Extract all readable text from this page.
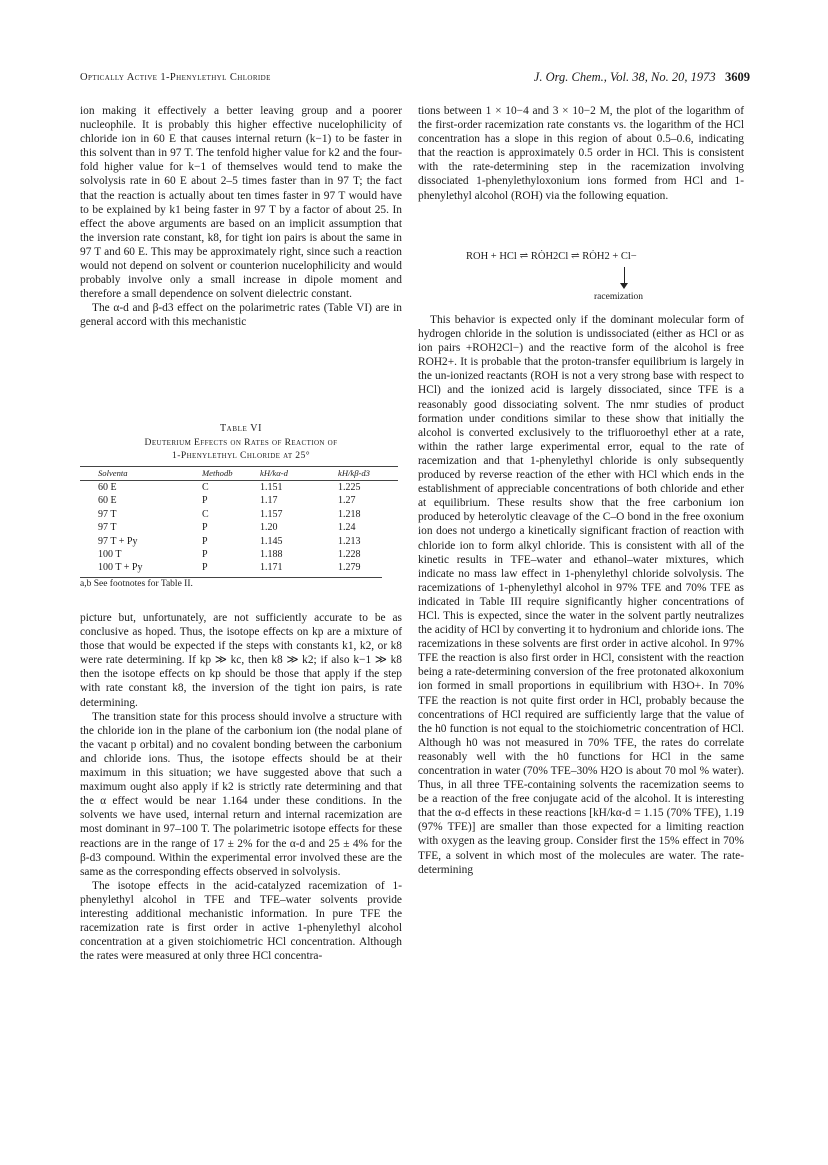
Optically Active 1-Phenylethyl Chloride	J. Org. Chem., Vol. 38, No. 20, 1973 3609

ion making it effectively a better leaving group and a poorer nucleophile. It is probably this higher effective nucelophilicity of chloride ion in 60 E that causes internal return (k−1) to be faster in this solvent than in 97 T. The tenfold higher value for k2 and the four-fold higher value for k−1 of themselves would tend to make the solvolysis rate in 60 E about 2–5 times faster than in 97 T; the fact that the reaction is actually about ten times faster in 97 T would have to be explained by k1 being faster in 97 T by a factor of about 25. In effect the above arguments are based on an implicit assumption that the inversion rate constant, k8, for tight ion pairs is about the same in 97 T and 60 E. This may be approximately right, since such a reaction would not depend on solvent or counterion nucelophilicity and would probably involve only a small increase in dipole moment and therefore a small dependence on solvent dielectric constant.

The α-d and β-d3 effect on the polarimetric rates (Table VI) are in general accord with this mechanistic

Table VI
Deuterium Effects on Rates of Reaction of
1-Phenylethyl Chloride at 25°
Solventa	Methodb	kH/kα-d	kH/kβ-d3
60 E	C	1.151	1.225
60 E	P	1.17	1.27
97 T	C	1.157	1.218
97 T	P	1.20	1.24
97 T + Py	P	1.145	1.213
100 T	P	1.188	1.228
100 T + Py	P	1.171	1.279
a,b See footnotes for Table II.

picture but, unfortunately, are not sufficiently accurate to be as conclusive as hoped. Thus, the isotope effects on kp are a mixture of those that would be expected if the steps with constants k1, k2, or k8 were rate determining. If kp ≫ kc, then k8 ≫ k2; if also k−1 ≫ k8 then the isotope effects on kp should be those that apply if the step with rate constant k8, the inversion of the tight ion pairs, is rate determining.

The transition state for this process should involve a structure with the chloride ion in the plane of the carbonium ion (the nodal plane of the vacant p orbital) and no covalent bonding between the carbonium and chloride ions. Thus, the isotope effects should be at their maximum in this situation; we have suggested above that such a maximum ought also apply if k2 is strictly rate determining and that the α effect would be near 1.164 under these conditions. In the solvents we have used, internal return and internal racemization are most dominant in 97–100 T. The polarimetric isotope effects for these reactions are in the range of 17 ± 2% for the α-d and 25 ± 4% for the β-d3 compound. Within the experimental error involved these are the same as the corresponding effects observed in solvolysis.

The isotope effects in the acid-catalyzed racemization of 1-phenylethyl alcohol in TFE and TFE–water solvents provide interesting additional mechanistic information. In pure TFE the racemization rate is first order in active 1-phenylethyl alcohol concentration at a given stoichiometric HCl concentration. Although the rates were measured at only three HCl concentra-

tions between 1 × 10−4 and 3 × 10−2 M, the plot of the logarithm of the first-order racemization rate constants vs. the logarithm of the HCl concentration has a slope in this region of about 0.5–0.6, indicating that the reaction is approximately 0.5 order in HCl. This is consistent with the rate-determining step in the racemization involving dissociated 1-phenylethyloxonium ions formed from HCl and 1-phenylethyl alcohol (ROH) via the following equation.

ROH + HCl ⇌ RȮH2Cl ⇌ RȮH2 + Cl−
racemization

This behavior is expected only if the dominant molecular form of hydrogen chloride in the solution is undissociated (either as HCl or as ion pairs +ROH2Cl−) and the reactive form of the alcohol is free ROH2+. It is probable that the proton-transfer equilibrium is largely in the un-ionized reactants (ROH is not a very strong base with respect to HCl) and the ionized acid is largely dissociated, since TFE is a reasonably good dissociating solvent. The nmr studies of product formation under conditions similar to these show that initially the alcohol is converted exclusively to the trifluoroethyl ether at a rate, within the rather large experimental error, equal to the rate of racemization and that 1-phenylethyl chloride is only subsequently produced by reverse reaction of the ether with HCl which ends in the establishment of appreciable concentrations of both chloride and ether at equilibrium. These results show that the free carbonium ion produced by heterolytic cleavage of the C–O bond in the free oxonium ion does not undergo a kinetically significant fraction of reaction with chloride ion to form alkyl chloride. This is consistent with all of the kinetic results in TFE–water and ethanol–water mixtures, which indicate no mass law effect in 1-phenylethyl chloride solvolysis. The racemizations of 1-phenylethyl alcohol in 97% TFE and 70% TFE as indicated in Table III require significantly higher concentrations of HCl. This is expected, since the water in the solvent partly neutralizes the acidity of HCl by converting it to hydronium and chloride ions. The racemizations in these solvents are first order in active alcohol. In 97% TFE the reaction is also first order in HCl, consistent with the reaction being a rate-determining conversion of the free protonated alkoxonium ion formed in small proportions in equilibrium with H3O+. In 70% TFE the reaction is not quite first order in HCl, probably because the concentrations of HCl required are sufficiently large that the value of the h0 function is not equal to the stoichiometric concentration of HCl. Although h0 was not measured in 70% TFE, the rates do correlate reasonably well with the h0 functions for HCl in the same concentration in water (70% TFE–30% H2O is about 70 mol % water). Thus, in all three TFE-containing solvents the racemization seems to be a reaction of the free conjugate acid of the alcohol. It is interesting that the α-d effects in these reactions [kH/kα-d = 1.15 (70% TFE), 1.19 (97% TFE)] are smaller than those expected for a limiting reaction with oxygen as the leaving group. Consider first the 15% effect in 70% TFE, a solvent in which most of the molecules are water. The rate-determining
